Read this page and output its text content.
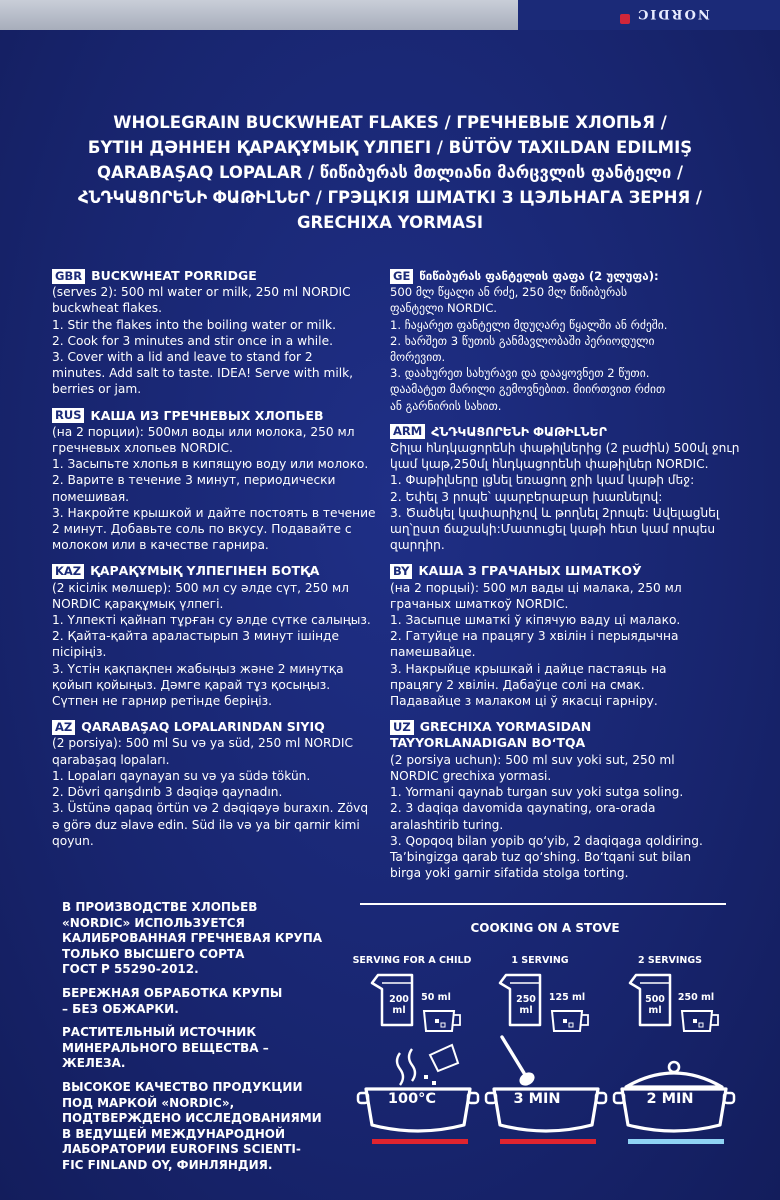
NORDIC
WHOLEGRAIN BUCKWHEAT FLAKES / ГРЕЧНЕВЫЕ ХЛОПЬЯ /
БҮТІН ДӘННЕН ҚАРАҚҰМЫҚ ҮЛПЕГІ / BÜTÖV TAXILDAN EDILMIŞ
QARABAŞAQ LOPALAR / წიწიბურას მთლიანი მარცვლის ფანტელი /
ՀՆԴԿԱՑՈՐԵՆԻ ՓԱԹԻԼՆԵՐ / ГРЭЦКІЯ ШМАТКІ З ЦЭЛЬНАГА ЗЕРНЯ /
GRECHIXA YORMASI
GBR BUCKWHEAT PORRIDGE
(serves 2): 500 ml water or milk, 250 ml NORDIC
buckwheat flakes.
1. Stir the flakes into the boiling water or milk.
2. Cook for 3 minutes and stir once in a while.
3. Cover with a lid and leave to stand for 2
minutes. Add salt to taste. IDEA! Serve with milk,
berries or jam.
RUS КАША ИЗ ГРЕЧНЕВЫХ ХЛОПЬЕВ
(на 2 порции): 500мл воды или молока, 250 мл
гречневых хлопьев NORDIC.
1. Засыпьте хлопья в кипящую воду или молоко.
2. Варите в течение 3 минут, периодически
помешивая.
3. Накройте крышкой и дайте постоять в течение
2 минут. Добавьте соль по вкусу. Подавайте с
молоком или в качестве гарнира.
KAZ ҚАРАҚҰМЫҚ ҮЛПЕГІНЕН БОТҚА
(2 кісілік мөлшер): 500 мл су әлде сүт, 250 мл
NORDIC қарақұмық үлпегі.
1. Үлпекті қайнап тұрған су әлде сүтке салыңыз.
2. Қайта-қайта араластырып 3 минут ішінде
пісіріңіз.
3. Үстін қақпақпен жабыңыз және 2 минутқа
қойып қойыңыз. Дәмге қарай тұз қосыңыз.
Сүтпен не гарнир ретінде беріңіз.
AZ QARABAŞAQ LOPALARINDAN SIYIQ
(2 porsiya): 500 ml Su və ya süd, 250 ml NORDIC
qarabaşaq lopaları.
1. Lopaları qaynayan su və ya südə tökün.
2. Dövri qarışdırıb 3 dəqiqə qaynadın.
3. Üstünə qapaq örtün və 2 dəqiqəyə buraxın. Zövq
ə görə duz əlavə edin. Süd ilə və ya bir qarnir kimi
qoyun.
GE წიწიბურას ფანტელის ფაფა (2 ულუფა):
500 მლ წყალი ან რძე, 250 მლ წიწიბურას
ფანტელი NORDIC.
1. ჩაყარეთ ფანტელი მდუღარე წყალში ან რძეში.
2. ხარშეთ 3 წუთის განმავლობაში პერიოდული
მორევით.
3. დაახურეთ სახურავი და დააყოვნეთ 2 წუთი.
დაამატეთ მარილი გემოვნებით. მიირთვით რძით
ან გარნირის სახით.
ARM ՀՆԴԿԱՑՈՐԵՆԻ ՓԱԹԻԼՆԵՐ
Շիլա հնդկացորենի փաթիլներից (2 բաժին) 500մլ ջուր
կամ կաթ,250մլ հնդկացորենի փաթիլներ NORDIC.
1. Փաթիլները լցնել եռացող ջրի կամ կաթի մեջ:
2. Եփել 3 րոպե՝ պարբերաբար խառնելով:
3. Ծածկել կափարիչով և թողնել 2րոպե: Ավելացնել
աղ՝ըստ ճաշակի:Մատուցել կաթի հետ կամ որպես
զարդիր.
BY КАША З ГРАЧАНЫХ ШМАТКОЎ
(на 2 порцыі): 500 мл вады ці малака, 250 мл
грачаных шматкоў NORDIC.
1. Засыпце шматкі ў кіпячую ваду ці малако.
2. Гатуйце на працягу 3 хвілін і перыядычна
памешвайце.
3. Накрыйце крышкай і дайце пастаяць на
працягу 2 хвілін. Дабаўце солі на смак.
Падавайце з малаком ці ў якасці гарніру.
UZ GRECHIXA YORMASIDAN
TAYYORLANADIGAN BOʻTQA
(2 porsiya uchun): 500 ml suv yoki sut, 250 ml
NORDIC grechixa yormasi.
1. Yormani qaynab turgan suv yoki sutga soling.
2. 3 daqiqa davomida qaynating, ora-orada
aralashtirib turing.
3. Qopqoq bilan yopib qoʻyib, 2 daqiqaga qoldiring.
Taʼbingizga qarab tuz qoʻshing. Boʻtqani sut bilan
birga yoki garnir sifatida stolga torting.
В ПРОИЗВОДСТВЕ ХЛОПЬЕВ
«NORDIC» ИСПОЛЬЗУЕТСЯ
КАЛИБРОВАННАЯ ГРЕЧНЕВАЯ КРУПА
ТОЛЬКО ВЫСШЕГО СОРТА
ГОСТ Р 55290-2012.
БЕРЕЖНАЯ ОБРАБОТКА КРУПЫ
– БЕЗ ОБЖАРКИ.
РАСТИТЕЛЬНЫЙ ИСТОЧНИК
МИНЕРАЛЬНОГО ВЕЩЕСТВА –
ЖЕЛЕЗА.
ВЫСОКОЕ КАЧЕСТВО ПРОДУКЦИИ
ПОД МАРКОЙ «NORDIC»,
ПОДТВЕРЖДЕНО ИССЛЕДОВАНИЯМИ
В ВЕДУЩЕЙ МЕЖДУНАРОДНОЙ
ЛАБОРАТОРИИ EUROFINS SCIENTI-
FIC FINLAND OY, ФИНЛЯНДИЯ.
COOKING ON A STOVE
SERVING FOR A CHILD	1 SERVING	2 SERVINGS
200
ml
50 ml	250
ml
125 ml	500
ml
250 ml
100°C	3 MIN	2 MIN
